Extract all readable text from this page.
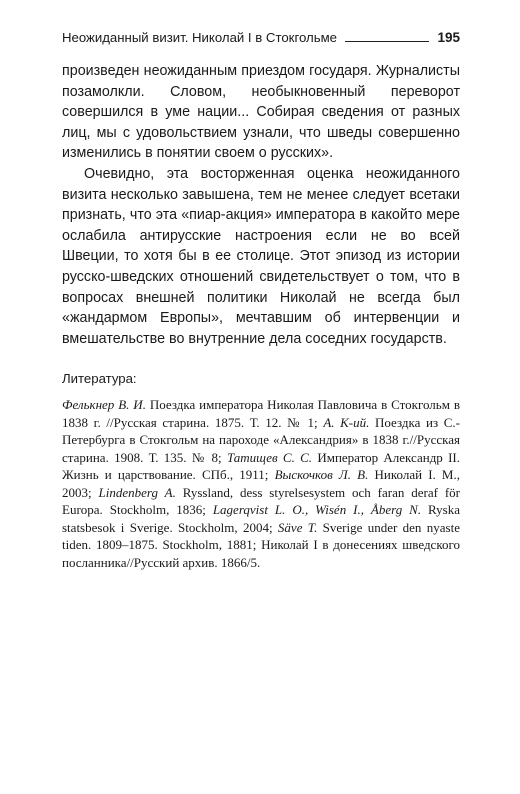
Неожиданный визит. Николай I в Стокгольме	195

произведен неожиданным приездом государя. Журналисты позамолкли. Словом, необыкновенный переворот совершился в уме нации... Собирая сведения от разных лиц, мы с удовольствием узнали, что шведы совершенно изменились в понятии своем о русских».

Очевидно, эта восторженная оценка неожиданного визита несколько завышена, тем не менее следует всетаки признать, что эта «пиар-акция» императора в какойто мере ослабила антирусские настроения если не во всей Швеции, то хотя бы в ее столице. Этот эпизод из истории русско-шведских отношений свидетельствует о том, что в вопросах внешней политики Николай не всегда был «жандармом Европы», мечтавшим об интервенции и вмешательстве во внутренние дела соседних государств.

Литература:
Фелькнер В. И. Поездка императора Николая Павловича в Стокгольм в 1838 г. //Русская старина. 1875. Т. 12. № 1; А. К-ий. Поездка из С.-Петербурга в Стокгольм на пароходе «Александрия» в 1838 г.//Русская старина. 1908. Т. 135. № 8; Татищев С. С. Император Александр II. Жизнь и царствование. СПб., 1911; Выскочков Л. В. Николай I. М., 2003; Lindenberg A. Ryssland, dess styrelsesystem och faran deraf för Europa. Stockholm, 1836; Lagerqvist L. O., Wisén I., Åberg N. Ryska statsbesok i Sverige. Stockholm, 2004; Säve T. Sverige under den nyaste tiden. 1809–1875. Stockholm, 1881; Николай I в донесениях шведского посланника//Русский архив. 1866/5.
